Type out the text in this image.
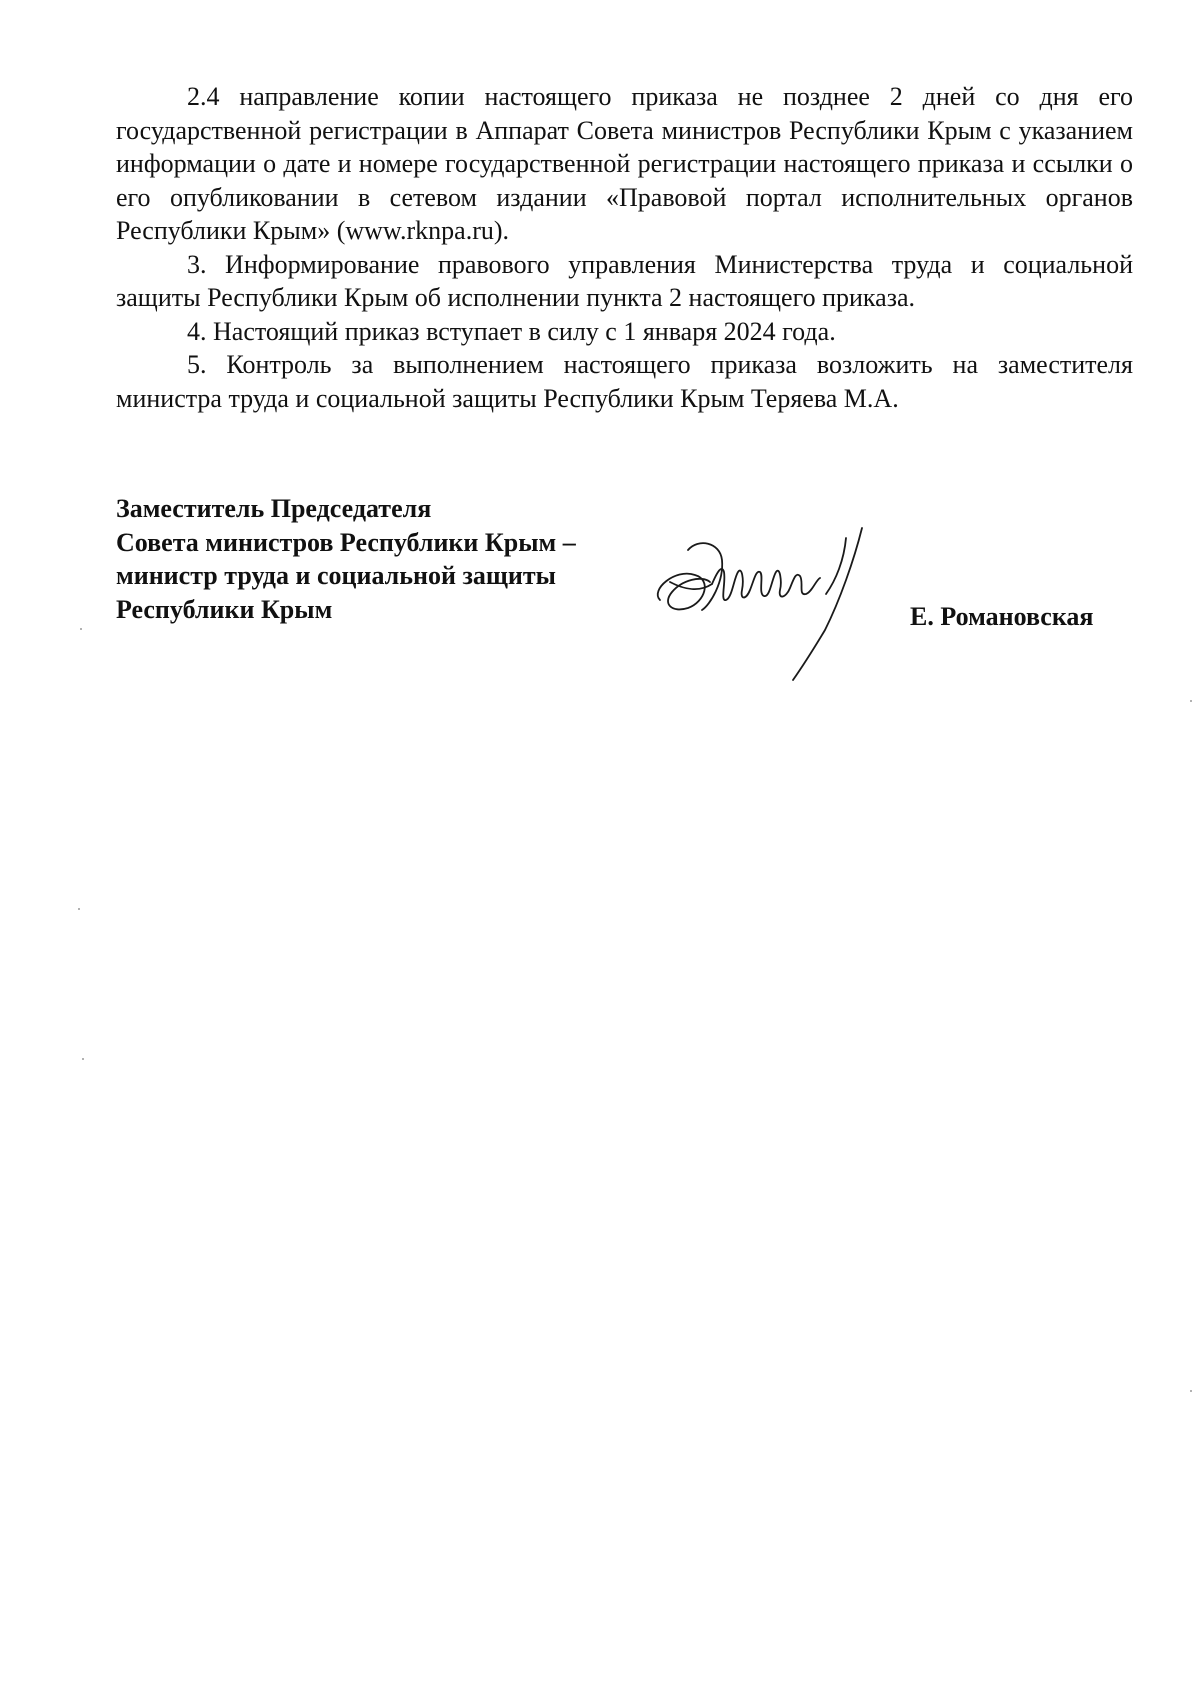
2.4 направление копии настоящего приказа не позднее 2 дней со дня его государственной регистрации в Аппарат Совета министров Республики Крым с указанием информации о дате и номере государственной регистрации настоящего приказа и ссылки о его опубликовании в сетевом издании «Правовой портал исполнительных органов Республики Крым» (www.rknpa.ru).

3. Информирование правового управления Министерства труда и социальной защиты Республики Крым об исполнении пункта 2 настоящего приказа.

4. Настоящий приказ вступает в силу с 1 января 2024 года.

5. Контроль за выполнением настоящего приказа возложить на заместителя министра труда и социальной защиты Республики Крым Теряева М.А.

Заместитель Председателя
Совета министров Республики Крым –
министр труда и социальной защиты
Республики Крым	Е. Романовская
